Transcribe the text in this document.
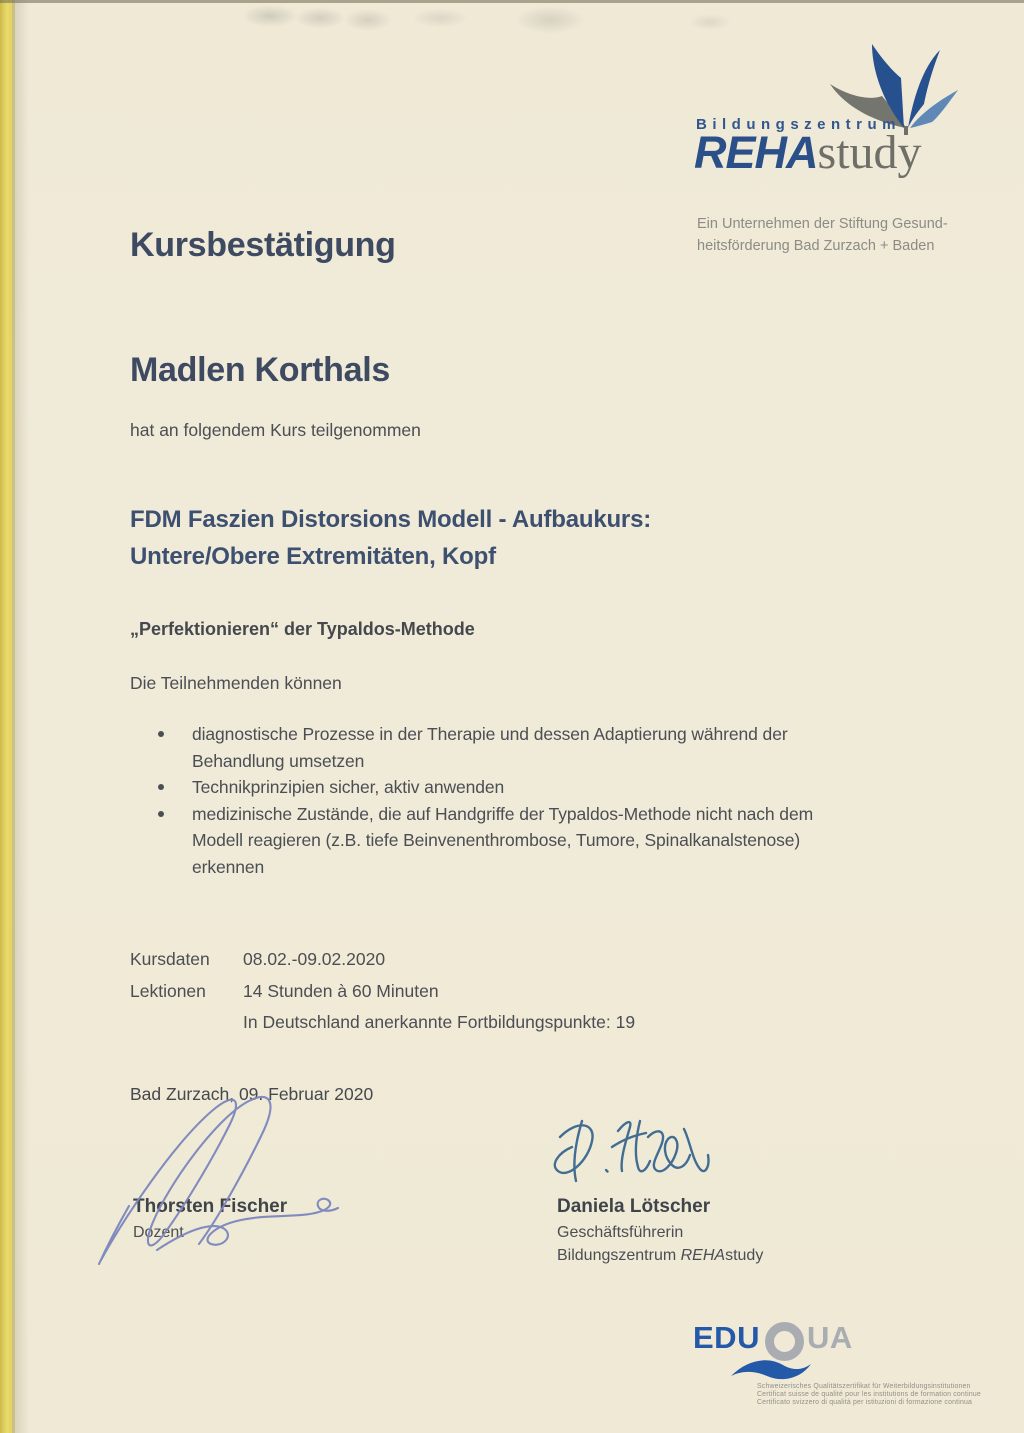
Bildungszentrum
REHAstudy
Ein Unternehmen der Stiftung Gesund-
heitsförderung Bad Zurzach + Baden
Kursbestätigung
Madlen Korthals
hat an folgendem Kurs teilgenommen
FDM Faszien Distorsions Modell - Aufbaukurs:
Untere/Obere Extremitäten, Kopf
„Perfektionieren“ der Typaldos-Methode
Die Teilnehmenden können
diagnostische Prozesse in der Therapie und dessen Adaptierung während der Behandlung umsetzen
Technikprinzipien sicher, aktiv anwenden
medizinische Zustände, die auf Handgriffe der Typaldos-Methode nicht nach dem Modell reagieren (z.B. tiefe Beinvenenthrombose, Tumore, Spinalkanalstenose) erkennen
Kursdaten	08.02.-09.02.2020
Lektionen	14 Stunden à 60 Minuten
In Deutschland anerkannte Fortbildungspunkte: 19
Bad Zurzach, 09. Februar 2020
Thorsten Fischer
Dozent
Daniela Lötscher
Geschäftsführerin
Bildungszentrum REHAstudy
EDU UA
Schweizerisches Qualitätszertifikat für Weiterbildungsinstitutionen
Certificat suisse de qualité pour les institutions de formation continue
Certificato svizzero di qualità per istituzioni di formazione continua
